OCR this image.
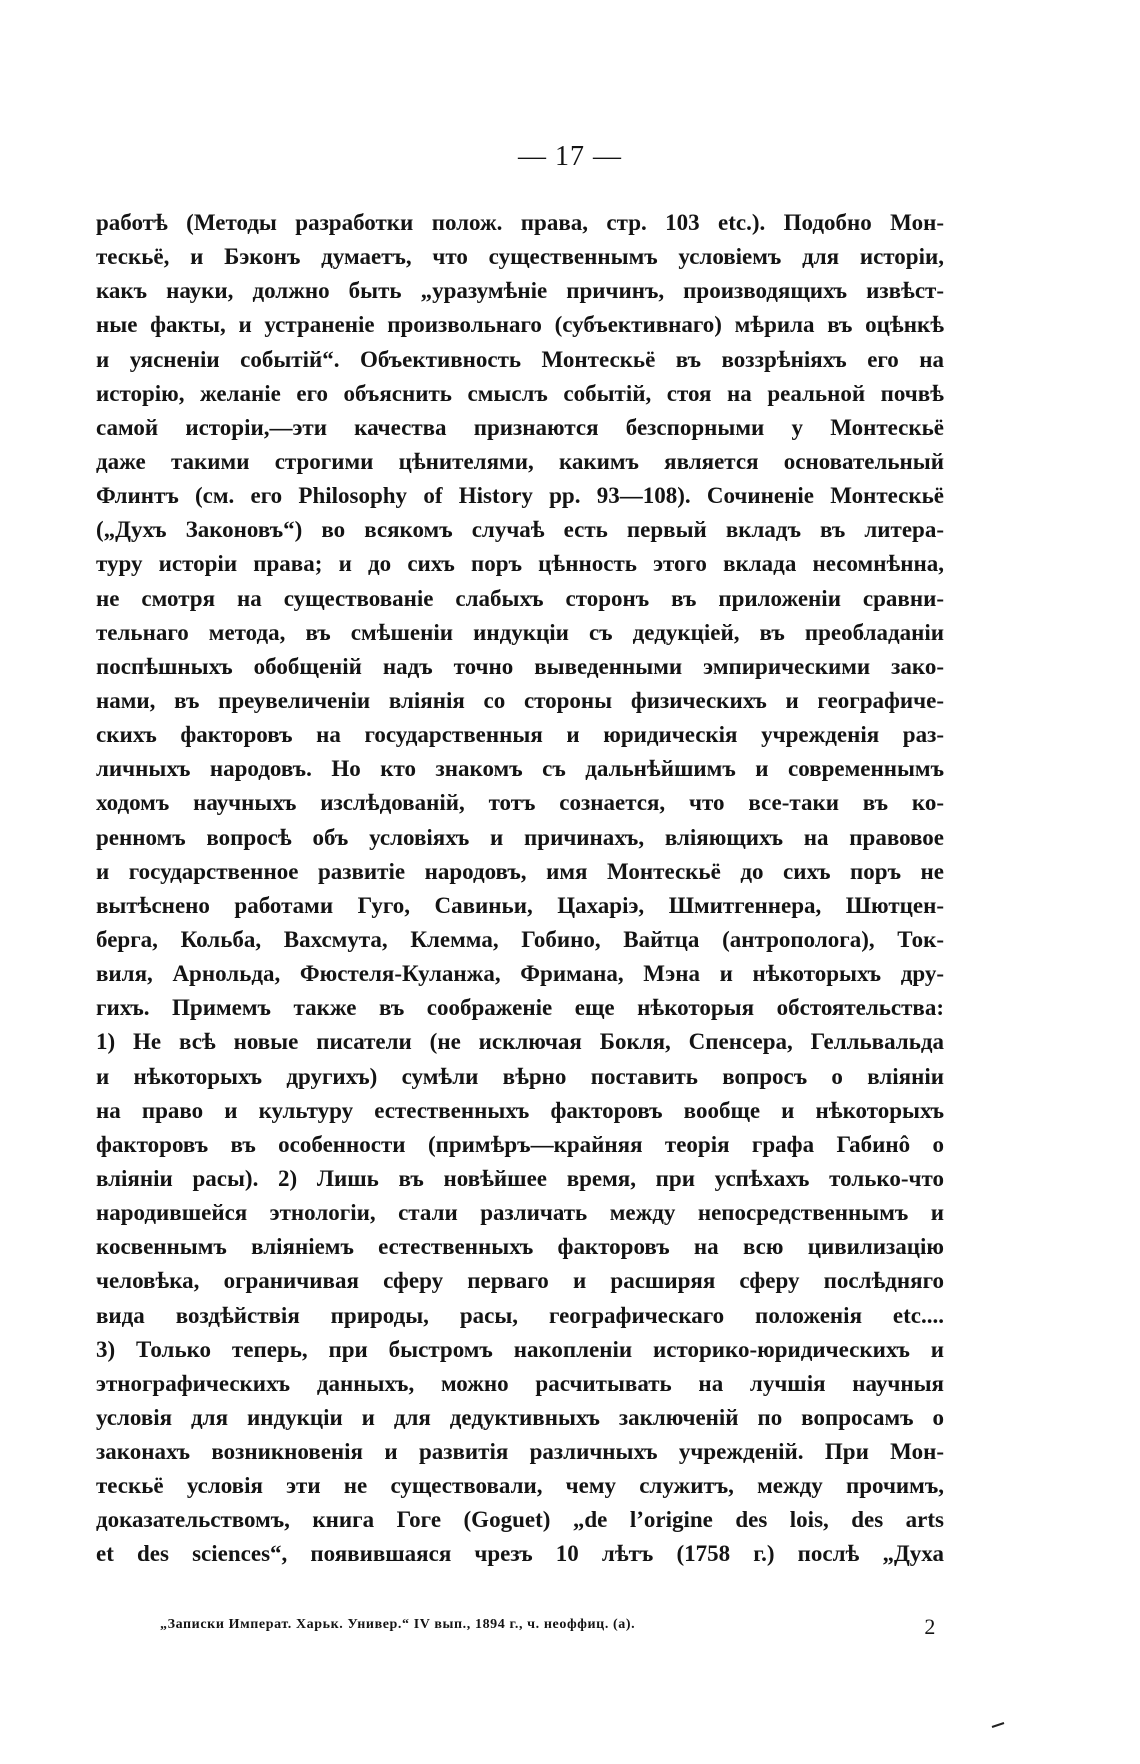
— 17 —
работѣ (Методы разработки полож. права, стр. 103 etc.). Подобно Мон-
тескьё, и Бэконъ думаетъ, что существеннымъ условіемъ для исторіи,
какъ науки, должно быть „уразумѣніе причинъ, производящихъ извѣст-
ные факты, и устраненіе произвольнаго (субъективнаго) мѣрила въ оцѣнкѣ
и уясненіи событій“. Объективность Монтескьё въ воззрѣніяхъ его на
исторію, желаніе его объяснить смыслъ событій, стоя на реальной почвѣ
самой исторіи,—эти качества признаются безспорными у Монтескьё
даже такими строгими цѣнителями, какимъ является основательный
Флинтъ (см. его Philosophy of History pp. 93—108). Сочиненіе Монтескьё
(„Духъ Законовъ“) во всякомъ случаѣ есть первый вкладъ въ литера-
туру исторіи права; и до сихъ поръ цѣнность этого вклада несомнѣнна,
не смотря на существованіе слабыхъ сторонъ въ приложеніи сравни-
тельнаго метода, въ смѣшеніи индукціи съ дедукціей, въ преобладаніи
поспѣшныхъ обобщеній надъ точно выведенными эмпирическими зако-
нами, въ преувеличеніи вліянія со стороны физическихъ и географиче-
скихъ факторовъ на государственныя и юридическія учрежденія раз-
личныхъ народовъ. Но кто знакомъ съ дальнѣйшимъ и современнымъ
ходомъ научныхъ изслѣдованій, тотъ сознается, что все-таки въ ко-
ренномъ вопросѣ объ условіяхъ и причинахъ, вліяющихъ на правовое
и государственное развитіе народовъ, имя Монтескьё до сихъ поръ не
вытѣснено работами Гуго, Савиньи, Цахаріэ, Шмитгеннера, Шютцен-
берга, Кольба, Вахсмута, Клемма, Гобино, Вайтца (антрополога), Ток-
виля, Арнольда, Фюстеля-Куланжа, Фримана, Мэна и нѣкоторыхъ дру-
гихъ. Примемъ также въ соображеніе еще нѣкоторыя обстоятельства:
1) Не всѣ новые писатели (не исключая Бокля, Спенсера, Гелльвальда
и нѣкоторыхъ другихъ) сумѣли вѣрно поставить вопросъ о вліяніи
на право и культуру естественныхъ факторовъ вообще и нѣкоторыхъ
факторовъ въ особенности (примѣръ—крайняя теорія графа Габинô о
вліяніи расы). 2) Лишь въ новѣйшее время, при успѣхахъ только-что
народившейся этнологіи, стали различать между непосредственнымъ и
косвеннымъ вліяніемъ естественныхъ факторовъ на всю цивилизацію
человѣка, ограничивая сферу перваго и расширяя сферу послѣдняго
вида воздѣйствія природы, расы, географическаго положенія etc....
3) Только теперь, при быстромъ накопленіи историко-юридическихъ и
этнографическихъ данныхъ, можно расчитывать на лучшія научныя
условія для индукціи и для дедуктивныхъ заключеній по вопросамъ о
законахъ возникновенія и развитія различныхъ учрежденій. При Мон-
тескьё условія эти не существовали, чему служитъ, между прочимъ,
доказательствомъ, книга Гоге (Goguet) „de l’origine des lois, des arts
et des sciences“, появившаяся чрезъ 10 лѣтъ (1758 г.) послѣ „Духа
„Записки Императ. Харьк. Универ.“ IV вып., 1894 г., ч. неоффиц. (а).	2
